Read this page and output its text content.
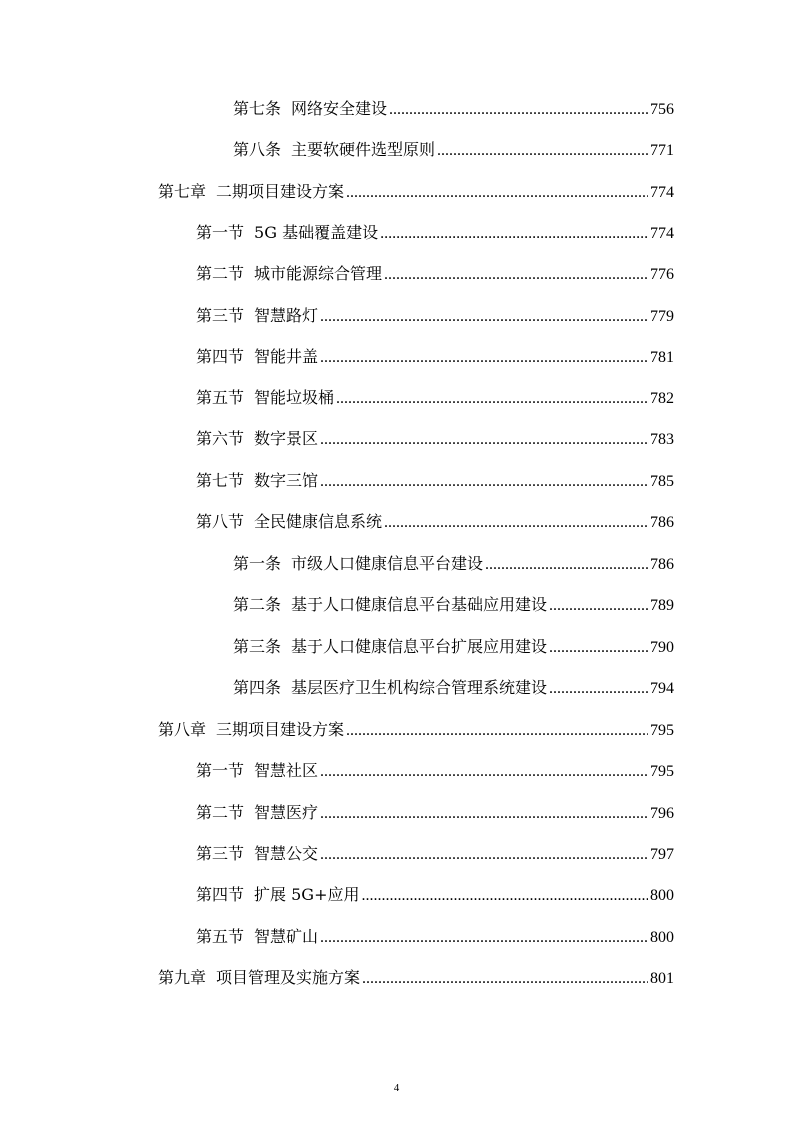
第七条 网络安全建设 .....	756
第八条 主要软硬件选型原则 .....	771
第七章 二期项目建设方案 .....	774
第一节 5G 基础覆盖建设 .....	774
第二节 城市能源综合管理 .....	776
第三节 智慧路灯 .....	779
第四节 智能井盖 .....	781
第五节 智能垃圾桶 .....	782
第六节 数字景区 .....	783
第七节 数字三馆 .....	785
第八节 全民健康信息系统 .....	786
第一条 市级人口健康信息平台建设 .....	786
第二条 基于人口健康信息平台基础应用建设 .....	789
第三条 基于人口健康信息平台扩展应用建设 .....	790
第四条 基层医疗卫生机构综合管理系统建设 .....	794
第八章 三期项目建设方案 .....	795
第一节 智慧社区 .....	795
第二节 智慧医疗 .....	796
第三节 智慧公交 .....	797
第四节 扩展 5G+应用 .....	800
第五节 智慧矿山 .....	800
第九章 项目管理及实施方案 .....	801
4
